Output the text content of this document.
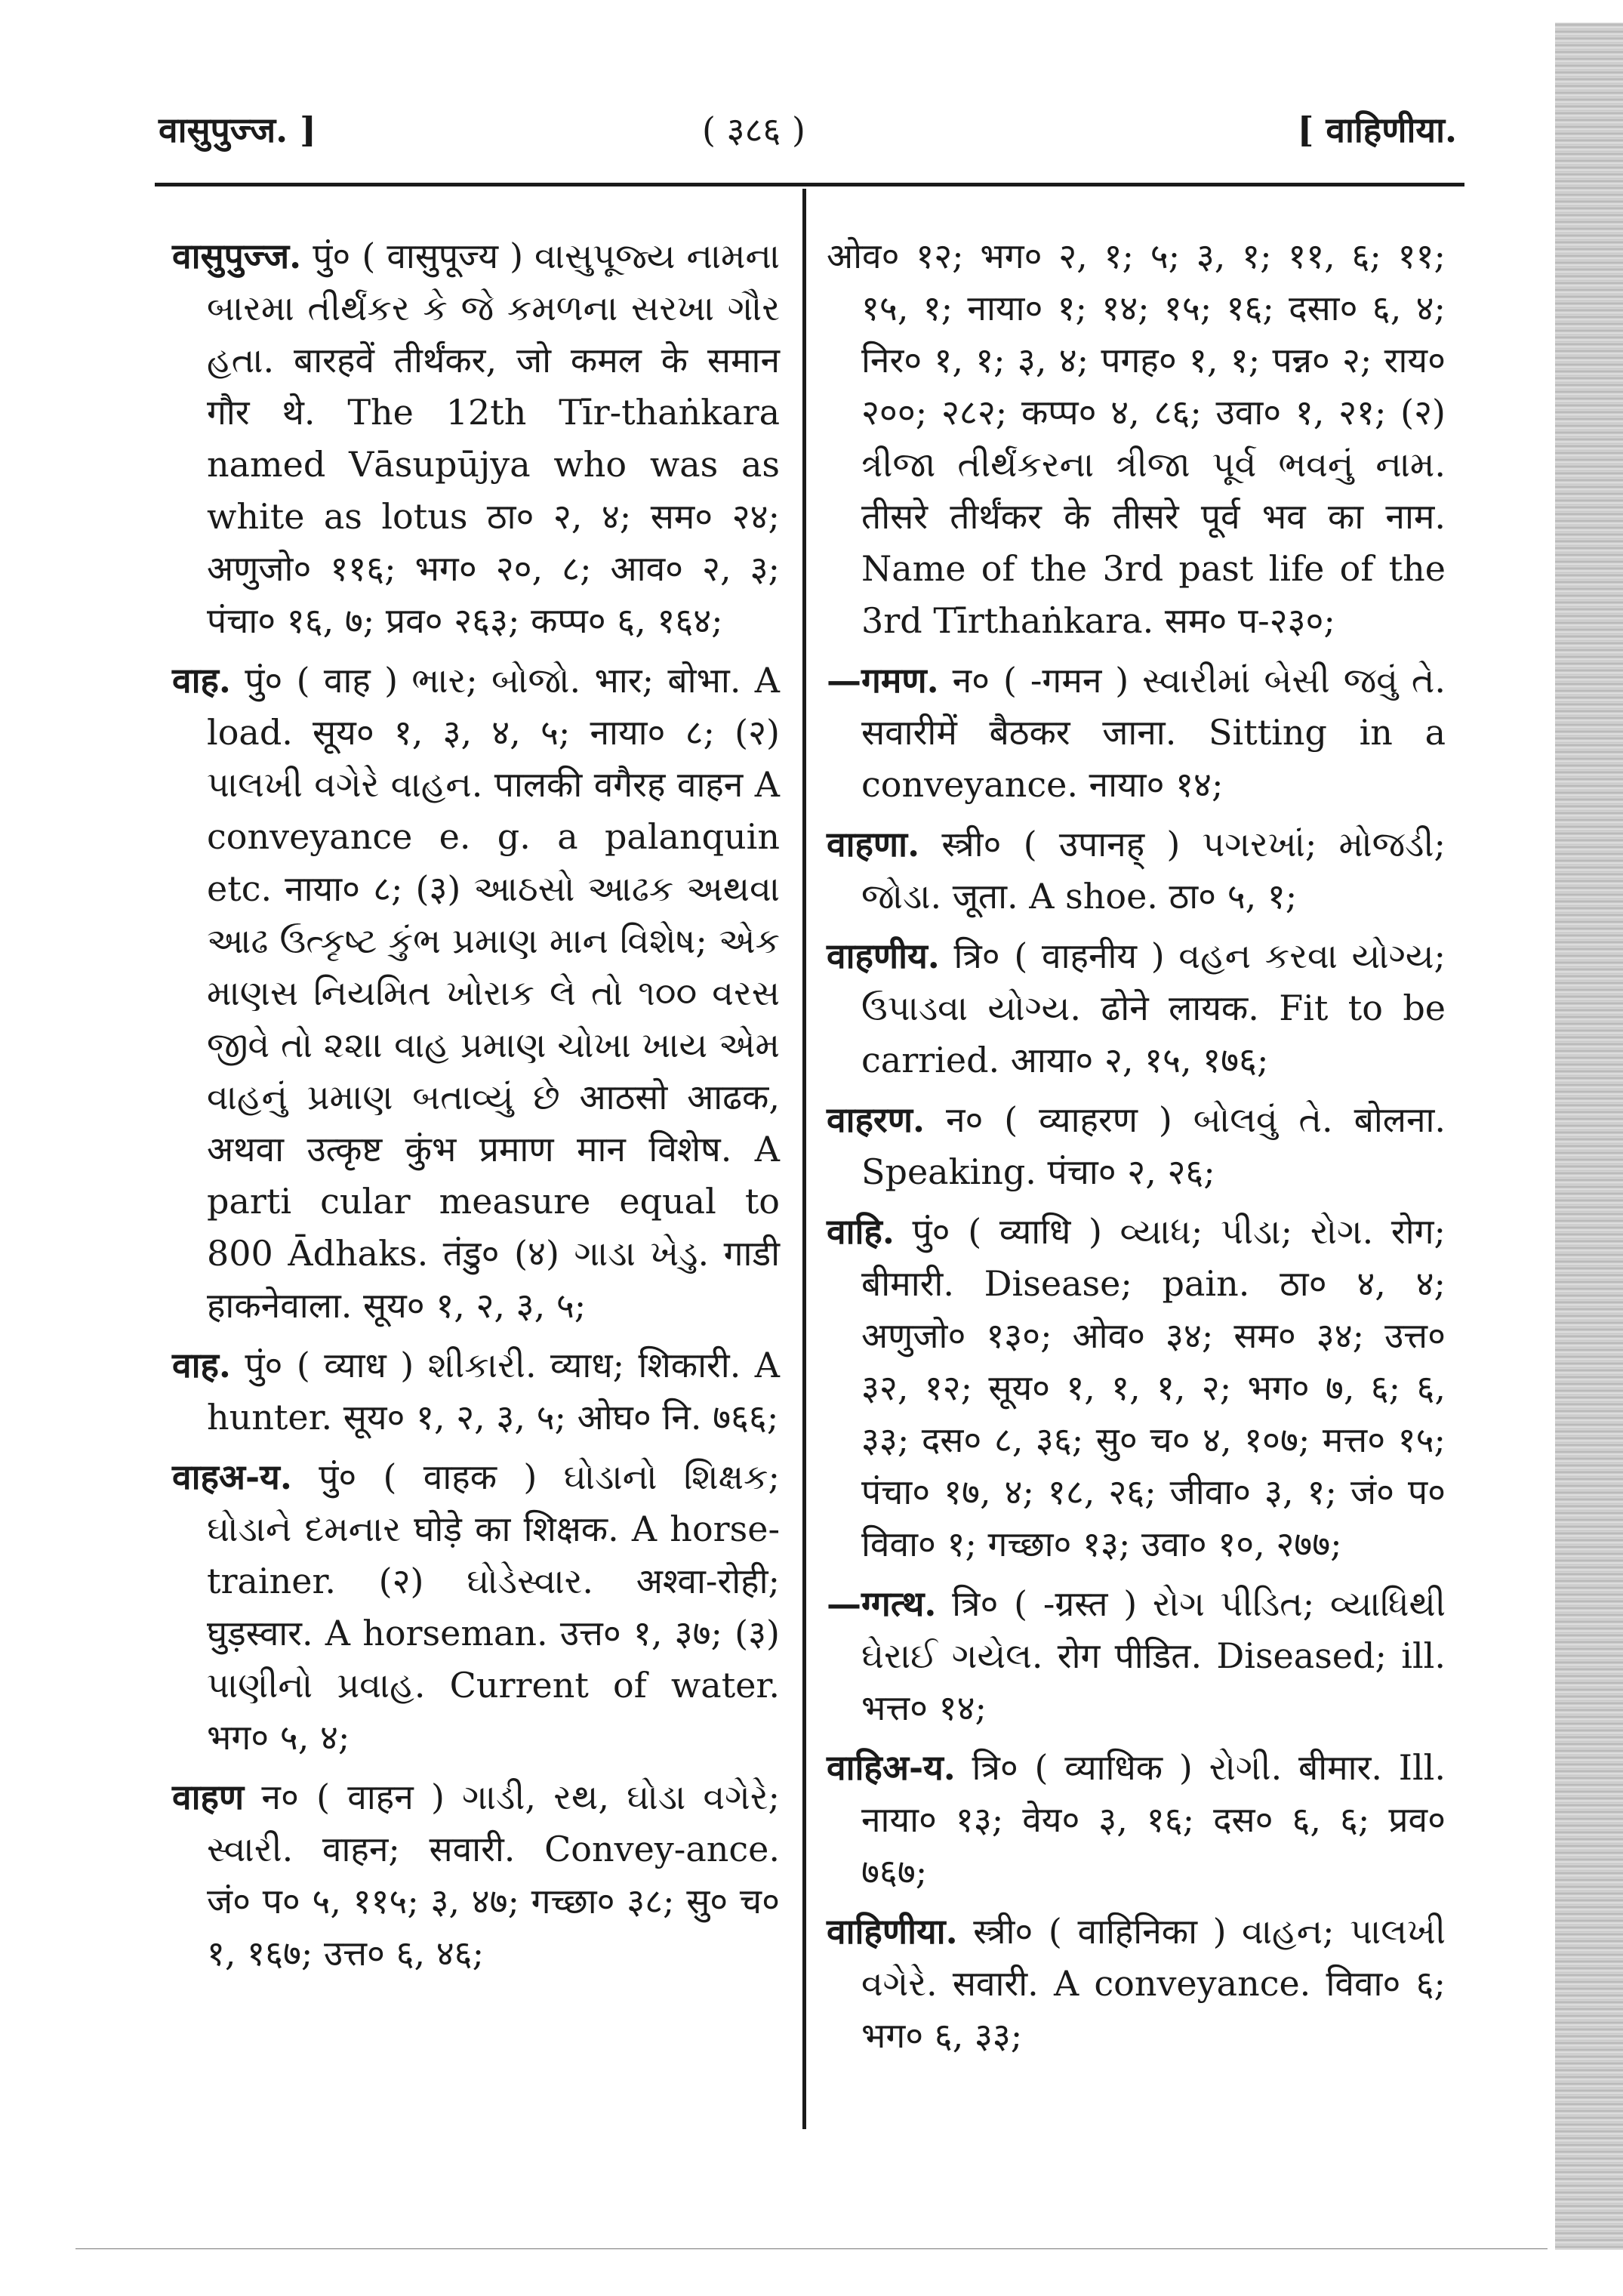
वासुपुज्ज. ]	( ३८६ )	[ वाहिणीया.

वासुपुज्ज. पुं० ( वासुपूज्य ) વાસુપૂજ્ય નામના બારમા તીર્થંકર કે જે કમળના સરખા ગૌર હતા. बारहवें तीर्थंकर, जो कमल के समान गौर थे. The 12th Tīr-thaṅkara named Vāsupūjya who was as white as lotus ठा० २, ४; सम० २४; अणुजो० ११६; भग० २०, ८; आव० २, ३; पंचा० १६, ७; प्रव० २६३; कप्प० ६, १६४;

वाह. पुं० ( वाह ) ભાર; બોજો. भार; बोभा. A load. सूय० १, ३, ४, ५; नाया० ८; (२) પાલખી વગેરે વાહન. पालकी वगैरह वाहन A conveyance e. g. a palanquin etc. नाया० ८; (३) આઠસો આઢક અથવા આઢ ઉત્કૃષ્ટ કુંભ પ્રમાણ માન વિશેષ; એક માણસ નિયમિત ખોરાક લે તો ૧૦૦ વરસ જીવે તો ૨૨।। વાહ પ્રમાણ ચોખા ખાય એમ વાહનું પ્રમાણ બતાવ્યું છે आठसो आढक, अथवा उत्कृष्ट कुंभ प्रमाण मान विशेष. A parti cular measure equal to 800 Ādhaks. तंडु० (४) ગાડા ખેડુ. गाडी हाकनेवाला. सूय० १, २, ३, ५;

वाह. पुं० ( व्याध ) શીકારી. व्याध; शिकारी. A hunter. सूय० १, २, ३, ५; ओघ० नि. ७६६;

वाहअ-य. पुं० ( वाहक ) ઘોડાનો શિક્ષક; ઘોડાને દમનાર घोड़े का शिक्षक. A horse-trainer. (२) ઘોડેસ્વાર. अश्वा-रोही; घुड़स्वार. A horseman. उत्त० १, ३७; (३) પાણીનો પ્રવાહ. Current of water. भग० ५, ४;

वाहण न० ( वाहन ) ગાડી, રથ, ઘોડા વગેરે; સ્વારી. वाहन; सवारी. Convey-ance. जं० प० ५, ११५; ३, ४७; गच्छा० ३८; सु० च० १, १६७; उत्त० ६, ४६;

ओव० १२; भग० २, १; ५; ३, १; ११, ६; ११; १५, १; नाया० १; १४; १५; १६; दसा० ६, ४; निर० १, १; ३, ४; पगह० १, १; पन्न० २; राय० २००; २८२; कप्प० ४, ८६; उवा० १, २१; (२) ત્રીજા તીર્થંકરના ત્રીજા પૂર્વ ભવનું નામ. तीसरे तीर्थंकर के तीसरे पूर्व भव का नाम. Name of the 3rd past life of the 3rd Tīrthaṅkara. सम० प-२३०;

—गमण. न० ( -गमन ) સ્વારીમાં બેસી જવું તે. सवारीमें बैठकर जाना. Sitting in a conveyance. नाया० १४;

वाहणा. स्त्री० ( उपानह् ) પગરખાં; મોજડી; જોડા. जूता. A shoe. ठा० ५, १;

वाहणीय. त्रि० ( वाहनीय ) વહન કરવા યોગ્ય; ઉપાડવા યોગ્ય. ढोने लायक. Fit to be carried. आया० २, १५, १७६;

वाहरण. न० ( व्याहरण ) બોલવું તે. बोलना. Speaking. पंचा० २, २६;

वाहि. पुं० ( व्याधि ) વ્યાધ; પીડા; રોગ. रोग; बीमारी. Disease; pain. ठा० ४, ४; अणुजो० १३०; ओव० ३४; सम० ३४; उत्त० ३२, १२; सूय० १, १, १, २; भग० ७, ६; ६, ३३; दस० ८, ३६; सु० च० ४, १०७; मत्त० १५; पंचा० १७, ४; १८, २६; जीवा० ३, १; जं० प० विवा० १; गच्छा० १३; उवा० १०, २७७;

—ग्गत्थ. त्रि० ( -ग्रस्त ) રોગ પીડિત; વ્યાધિથી ઘેરાઈ ગયેલ. रोग पीडित. Diseased; ill. भत्त० १४;

वाहिअ-य. त्रि० ( व्याधिक ) રોગી. बीमार. Ill. नाया० १३; वेय० ३, १६; दस० ६, ६; प्रव० ७६७;

वाहिणीया. स्त्री० ( वाहिनिका ) વાહન; પાલખી વગેરે. सवारी. A conveyance. विवा० ६; भग० ६, ३३;
